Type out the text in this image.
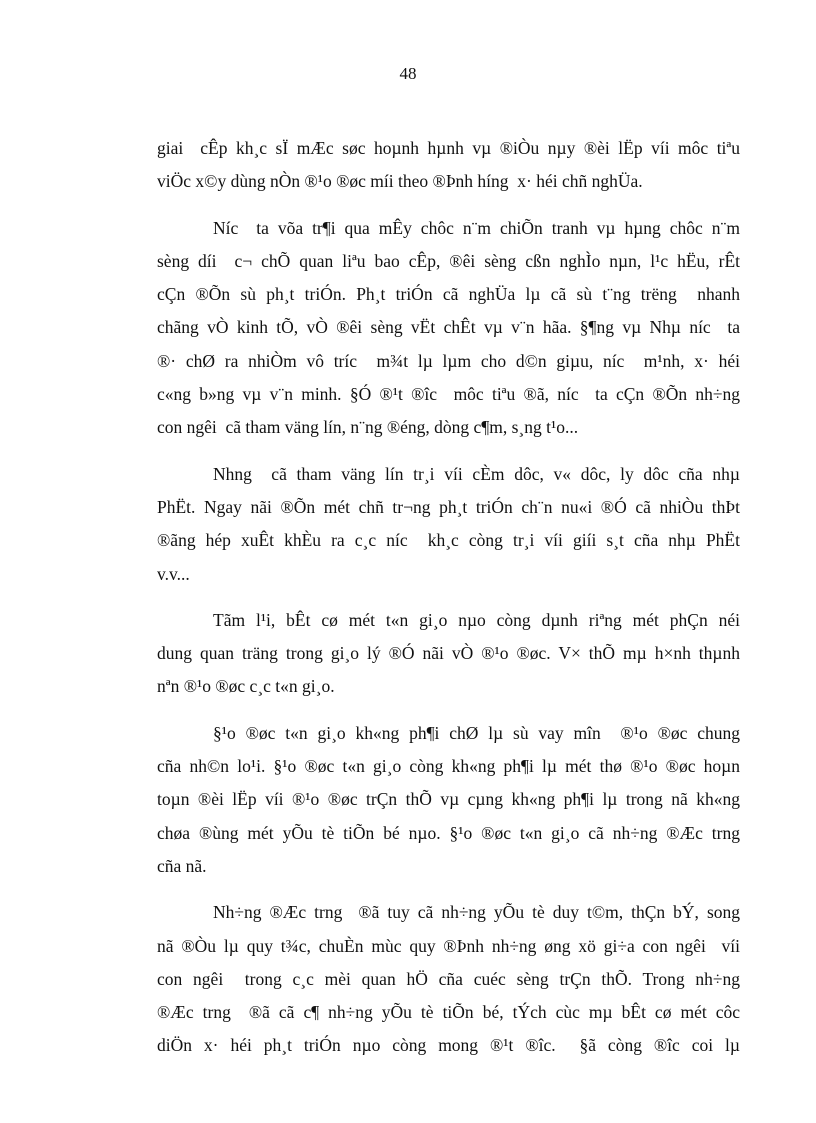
48
giai  cÊp kh¸c sÏ mÆc søc hoµnh hµnh vµ ®iÒu nµy ®èi lËp víi môc tiªu
viÖc x©y dùng nÒn ®¹o ®øc míi theo ®Þnh híng  x· héi chñ nghÜa.
Níc  ta võa tr¶i qua mÊy chôc n¨m chiÕn tranh vµ hµng chôc n¨m
sèng díi  c¬ chÕ quan liªu bao cÊp, ®êi sèng cßn nghÌo nµn, l¹c hËu, rÊt
cÇn ®Õn sù ph¸t triÓn. Ph¸t triÓn cã nghÜa lµ cã sù t¨ng trëng  nhanh
chãng vÒ kinh tÕ, vÒ ®êi sèng vËt chÊt vµ v¨n hãa. §¶ng vµ Nhµ níc  ta
®· chØ ra nhiÒm vô tríc  m¾t lµ lµm cho d©n giµu, níc  m¹nh, x· héi
c«ng b»ng vµ v¨n minh. §Ó ®¹t ®îc  môc tiªu ®ã, níc  ta cÇn ®Õn nh÷ng
con ngêi  cã tham väng lín, n¨ng ®éng, dòng c¶m, s¸ng t¹o...
Nhng  cã tham väng lín tr¸i víi cÈm dôc, v« dôc, ly dôc cña nhµ
PhËt. Ngay nãi ®Õn mét chñ tr¬ng ph¸t triÓn ch¨n nu«i ®Ó cã nhiÒu thÞt
®ãng hép xuÊt khÈu ra c¸c níc  kh¸c còng tr¸i víi giíi s¸t cña nhµ PhËt
v.v...
Tãm l¹i, bÊt cø mét t«n gi¸o nµo còng dµnh riªng mét phÇn néi
dung quan träng trong gi¸o lý ®Ó nãi vÒ ®¹o ®øc. V× thÕ mµ h×nh thµnh
nªn ®¹o ®øc c¸c t«n gi¸o.
§¹o ®øc t«n gi¸o kh«ng ph¶i chØ lµ sù vay mîn  ®¹o ®øc chung
cña nh©n lo¹i. §¹o ®øc t«n gi¸o còng kh«ng ph¶i lµ mét thø ®¹o ®øc hoµn
toµn ®èi lËp víi ®¹o ®øc trÇn thÕ vµ cµng kh«ng ph¶i lµ trong nã kh«ng
chøa ®ùng mét yÕu tè tiÕn bé nµo. §¹o ®øc t«n gi¸o cã nh÷ng ®Æc trng
cña nã.
Nh÷ng ®Æc trng  ®ã tuy cã nh÷ng yÕu tè duy t©m, thÇn bÝ, song
nã ®Òu lµ quy t¾c, chuÈn mùc quy ®Þnh nh÷ng øng xö gi÷a con ngêi  víi
con ngêi  trong c¸c mèi quan hÖ cña cuéc sèng trÇn thÕ. Trong nh÷ng
®Æc trng  ®ã cã c¶ nh÷ng yÕu tè tiÕn bé, tÝch cùc mµ bÊt cø mét côc
diÖn x· héi ph¸t triÓn nµo còng mong ®¹t ®îc.  §ã còng ®îc coi lµ
